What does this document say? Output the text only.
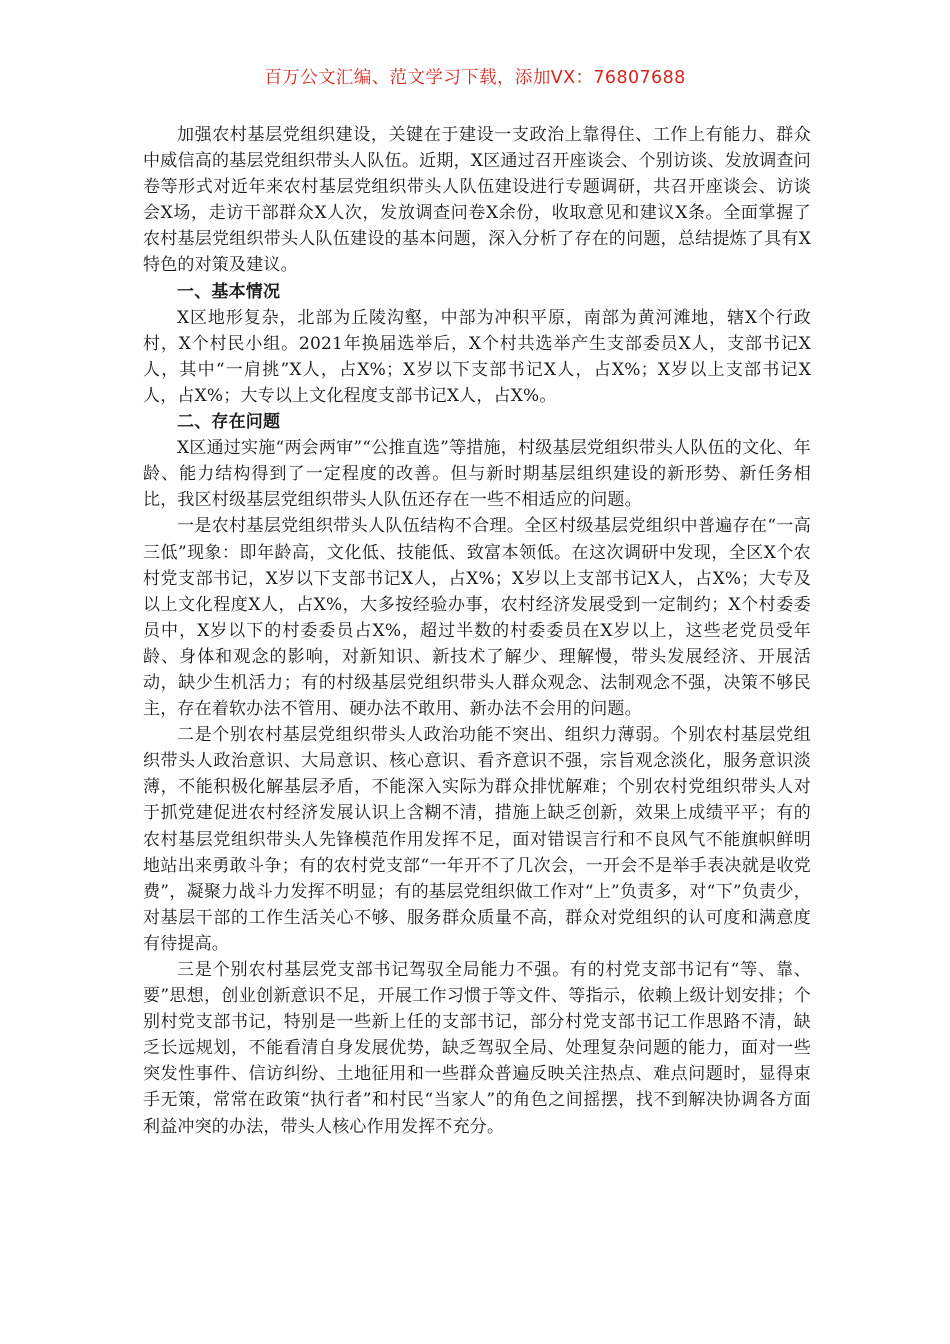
百万公文汇编、范文学习下载，添加VX：76807688

加强农村基层党组织建设，关键在于建设一支政治上靠得住、工作上有能力、群众中威信高的基层党组织带头人队伍。近期，X区通过召开座谈会、个别访谈、发放调查问卷等形式对近年来农村基层党组织带头人队伍建设进行专题调研，共召开座谈会、访谈会X场，走访干部群众X人次，发放调查问卷X余份，收取意见和建议X条。全面掌握了农村基层党组织带头人队伍建设的基本问题，深入分析了存在的问题，总结提炼了具有X特色的对策及建议。

一、基本情况

X区地形复杂，北部为丘陵沟壑，中部为冲积平原，南部为黄河滩地，辖X个行政村，X个村民小组。2021年换届选举后，X个村共选举产生支部委员X人，支部书记X人，其中“一肩挑”X人，占X%；X岁以下支部书记X人，占X%；X岁以上支部书记X人，占X%；大专以上文化程度支部书记X人，占X%。

二、存在问题

X区通过实施“两会两审”“公推直选”等措施，村级基层党组织带头人队伍的文化、年龄、能力结构得到了一定程度的改善。但与新时期基层组织建设的新形势、新任务相比，我区村级基层党组织带头人队伍还存在一些不相适应的问题。

一是农村基层党组织带头人队伍结构不合理。全区村级基层党组织中普遍存在“一高三低”现象：即年龄高，文化低、技能低、致富本领低。在这次调研中发现，全区X个农村党支部书记，X岁以下支部书记X人，占X%；X岁以上支部书记X人，占X%；大专及以上文化程度X人，占X%，大多按经验办事，农村经济发展受到一定制约；X个村委委员中，X岁以下的村委委员占X%，超过半数的村委委员在X岁以上，这些老党员受年龄、身体和观念的影响，对新知识、新技术了解少、理解慢，带头发展经济、开展活动，缺少生机活力；有的村级基层党组织带头人群众观念、法制观念不强，决策不够民主，存在着软办法不管用、硬办法不敢用、新办法不会用的问题。

二是个别农村基层党组织带头人政治功能不突出、组织力薄弱。个别农村基层党组织带头人政治意识、大局意识、核心意识、看齐意识不强，宗旨观念淡化，服务意识淡薄，不能积极化解基层矛盾，不能深入实际为群众排忧解难；个别农村党组织带头人对于抓党建促进农村经济发展认识上含糊不清，措施上缺乏创新，效果上成绩平平；有的农村基层党组织带头人先锋模范作用发挥不足，面对错误言行和不良风气不能旗帜鲜明地站出来勇敢斗争；有的农村党支部“一年开不了几次会，一开会不是举手表决就是收党费”，凝聚力战斗力发挥不明显；有的基层党组织做工作对“上”负责多，对“下”负责少，对基层干部的工作生活关心不够、服务群众质量不高，群众对党组织的认可度和满意度有待提高。

三是个别农村基层党支部书记驾驭全局能力不强。有的村党支部书记有“等、靠、要”思想，创业创新意识不足，开展工作习惯于等文件、等指示，依赖上级计划安排；个别村党支部书记，特别是一些新上任的支部书记，部分村党支部书记工作思路不清，缺乏长远规划，不能看清自身发展优势，缺乏驾驭全局、处理复杂问题的能力，面对一些突发性事件、信访纠纷、土地征用和一些群众普遍反映关注热点、难点问题时，显得束手无策，常常在政策“执行者”和村民“当家人”的角色之间摇摆，找不到解决协调各方面利益冲突的办法，带头人核心作用发挥不充分。
